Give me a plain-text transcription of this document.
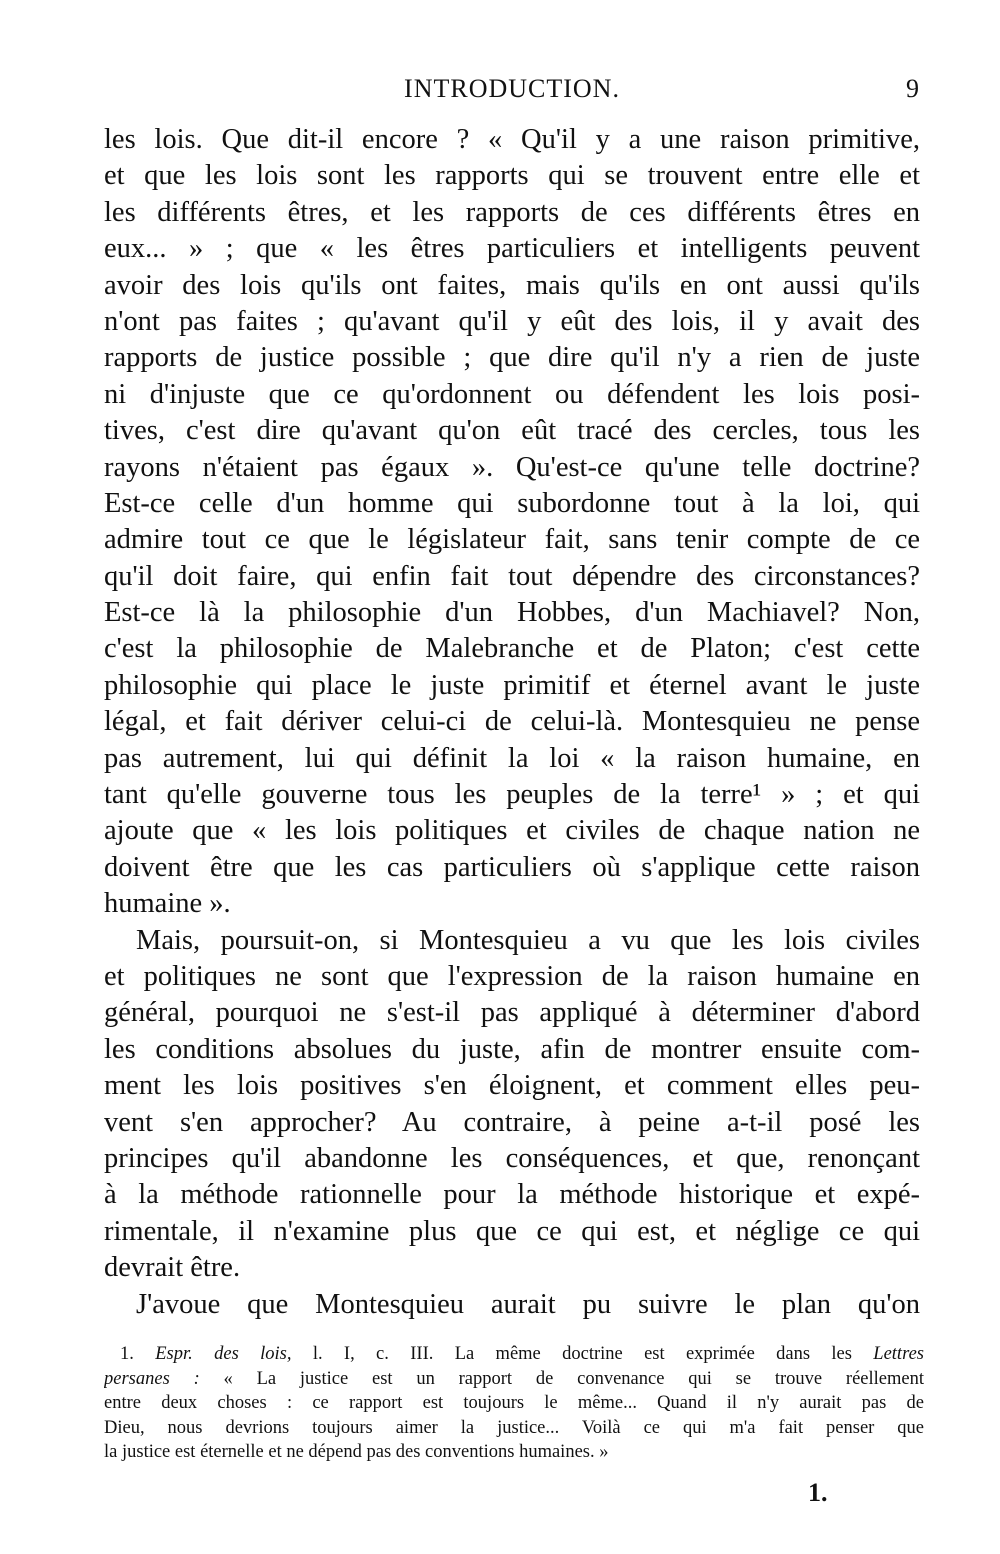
INTRODUCTION.	9
les lois. Que dit-il encore ? « Qu'il y a une raison primitive,
et que les lois sont les rapports qui se trouvent entre elle et
les différents êtres, et les rapports de ces différents êtres en
eux... » ; que « les êtres particuliers et intelligents peuvent
avoir des lois qu'ils ont faites, mais qu'ils en ont aussi qu'ils
n'ont pas faites ; qu'avant qu'il y eût des lois, il y avait des
rapports de justice possible ; que dire qu'il n'y a rien de juste
ni d'injuste que ce qu'ordonnent ou défendent les lois posi-
tives, c'est dire qu'avant qu'on eût tracé des cercles, tous les
rayons n'étaient pas égaux ». Qu'est-ce qu'une telle doctrine?
Est-ce celle d'un homme qui subordonne tout à la loi, qui
admire tout ce que le législateur fait, sans tenir compte de ce
qu'il doit faire, qui enfin fait tout dépendre des circonstances?
Est-ce là la philosophie d'un Hobbes, d'un Machiavel? Non,
c'est la philosophie de Malebranche et de Platon; c'est cette
philosophie qui place le juste primitif et éternel avant le juste
légal, et fait dériver celui-ci de celui-là. Montesquieu ne pense
pas autrement, lui qui définit la loi « la raison humaine, en
tant qu'elle gouverne tous les peuples de la terre¹ » ; et qui
ajoute que « les lois politiques et civiles de chaque nation ne
doivent être que les cas particuliers où s'applique cette raison
humaine ».
Mais, poursuit-on, si Montesquieu a vu que les lois civiles
et politiques ne sont que l'expression de la raison humaine en
général, pourquoi ne s'est-il pas appliqué à déterminer d'abord
les conditions absolues du juste, afin de montrer ensuite com-
ment les lois positives s'en éloignent, et comment elles peu-
vent s'en approcher? Au contraire, à peine a-t-il posé les
principes qu'il abandonne les conséquences, et que, renonçant
à la méthode rationnelle pour la méthode historique et expé-
rimentale, il n'examine plus que ce qui est, et néglige ce qui
devrait être.
J'avoue que Montesquieu aurait pu suivre le plan qu'on
1. Espr. des lois, l. I, c. III. La même doctrine est exprimée dans les Lettres
persanes : « La justice est un rapport de convenance qui se trouve réellement
entre deux choses : ce rapport est toujours le même... Quand il n'y aurait pas de
Dieu, nous devrions toujours aimer la justice... Voilà ce qui m'a fait penser que
la justice est éternelle et ne dépend pas des conventions humaines. »
1.
